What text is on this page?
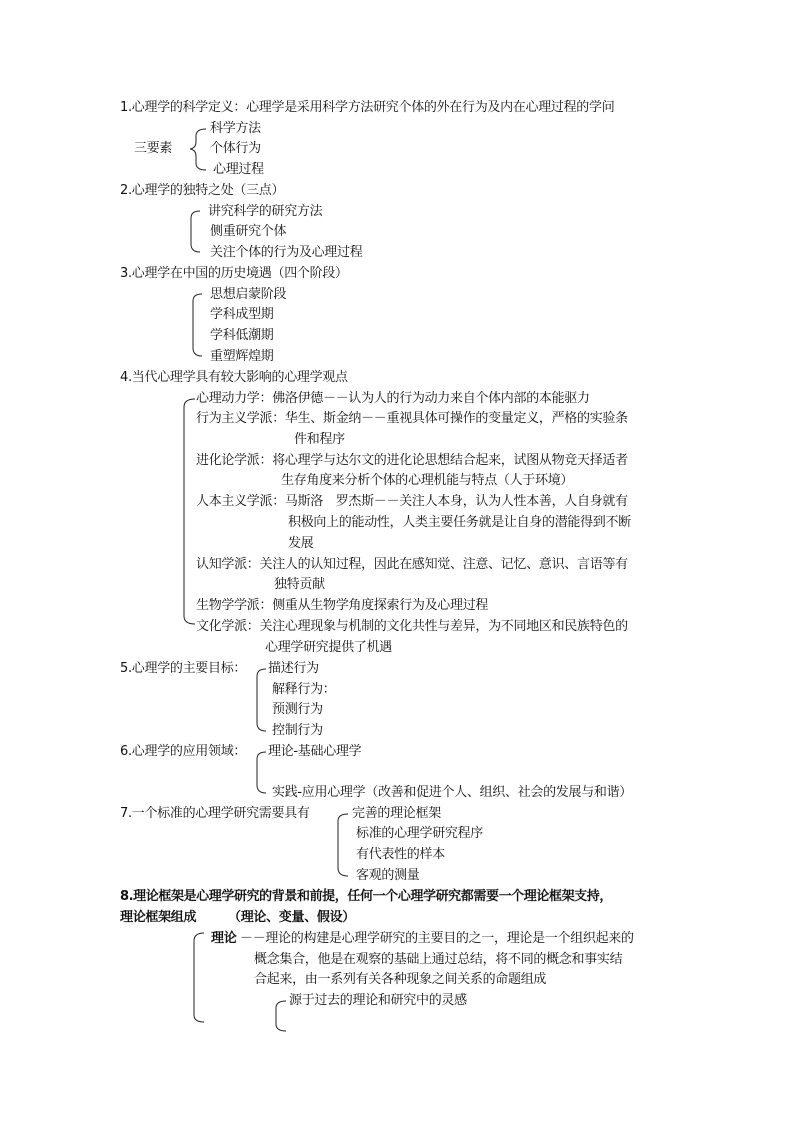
1.心理学的科学定义：心理学是采用科学方法研究个体的外在行为及内在心理过程的学问
三要素
科学方法
个体行为
心理过程
2.心理学的独特之处（三点）
讲究科学的研究方法
侧重研究个体
关注个体的行为及心理过程
3.心理学在中国的历史境遇（四个阶段）
思想启蒙阶段
学科成型期
学科低潮期
重塑辉煌期
4.当代心理学具有较大影响的心理学观点
心理动力学：佛洛伊德－－认为人的行为动力来自个体内部的本能驱力
行为主义学派：华生、斯金纳－－重视具体可操作的变量定义，严格的实验条
件和程序
进化论学派：将心理学与达尔文的进化论思想结合起来，试图从物竞天择适者
生存角度来分析个体的心理机能与特点（人于环境）
人本主义学派：马斯洛　罗杰斯－－关注人本身，认为人性本善，人自身就有
积极向上的能动性，人类主要任务就是让自身的潜能得到不断
发展
认知学派：关注人的认知过程，因此在感知觉、注意、记忆、意识、言语等有
独特贡献
生物学学派：侧重从生物学角度探索行为及心理过程
文化学派：关注心理现象与机制的文化共性与差异，为不同地区和民族特色的
心理学研究提供了机遇
5.心理学的主要目标： 描述行为
解释行为：
预测行为
控制行为
6.心理学的应用领域： 理论-基础心理学
实践-应用心理学（改善和促进个人、组织、社会的发展与和谐）
7.一个标准的心理学研究需要具有	完善的理论框架
标准的心理学研究程序
有代表性的样本
客观的测量
8.理论框架是心理学研究的背景和前提，任何一个心理学研究都需要一个理论框架支持，
理论框架组成 （理论、变量、假设）
理论 －－理论的构建是心理学研究的主要目的之一，理论是一个组织起来的
概念集合，他是在观察的基础上通过总结，将不同的概念和事实结
合起来，由一系列有关各种现象之间关系的命题组成
源于过去的理论和研究中的灵感
